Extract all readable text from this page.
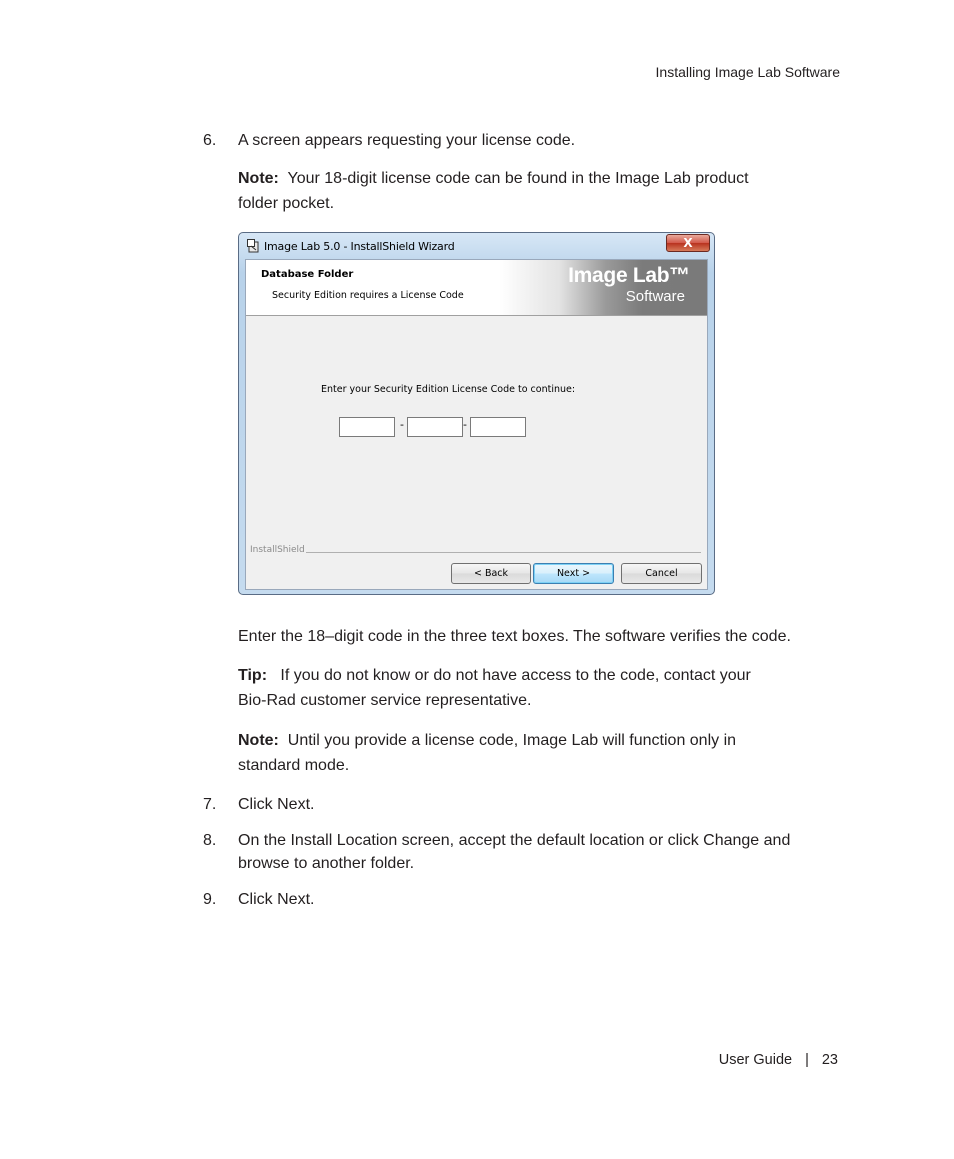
Installing Image Lab Software
6. A screen appears requesting your license code.
Note: Your 18-digit license code can be found in the Image Lab product
folder pocket.
Image Lab 5.0 - InstallShield Wizard	X
Database Folder
Security Edition requires a License Code
Image Lab™
Software
Enter your Security Edition License Code to continue:
-	-
InstallShield
< Back	Next >	Cancel
Enter the 18–digit code in the three text boxes. The software verifies the code.
Tip: If you do not know or do not have access to the code, contact your
Bio-Rad customer service representative.
Note: Until you provide a license code, Image Lab will function only in
standard mode.
7. Click Next.
8. On the Install Location screen, accept the default location or click Change and
browse to another folder.
9. Click Next.
User Guide | 23
